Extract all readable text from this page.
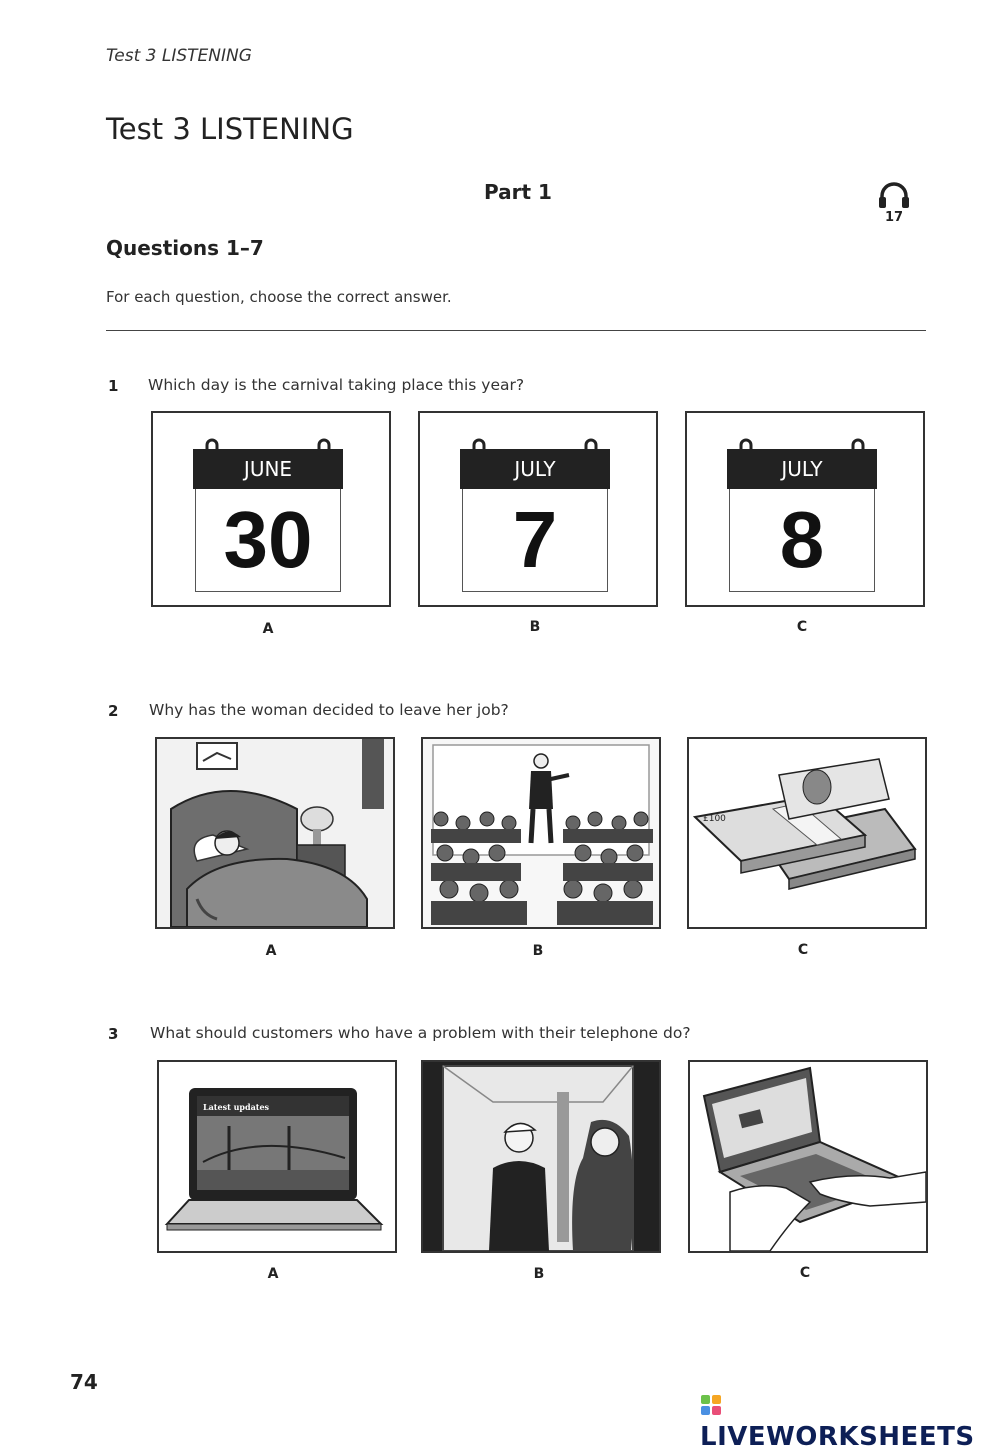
Test 3 LISTENING
Test 3 LISTENING
Part 1
17
Questions 1–7
For each question, choose the correct answer.
1 Which day is the carnival taking place this year?
JUNE
30
JULY
7
JULY
8
A	B	C
2 Why has the woman decided to leave her job?
£100
A	B	C
3 What should customers who have a problem with their telephone do?
Latest updates
A	B	C
74
LIVEWORKSHEETS
